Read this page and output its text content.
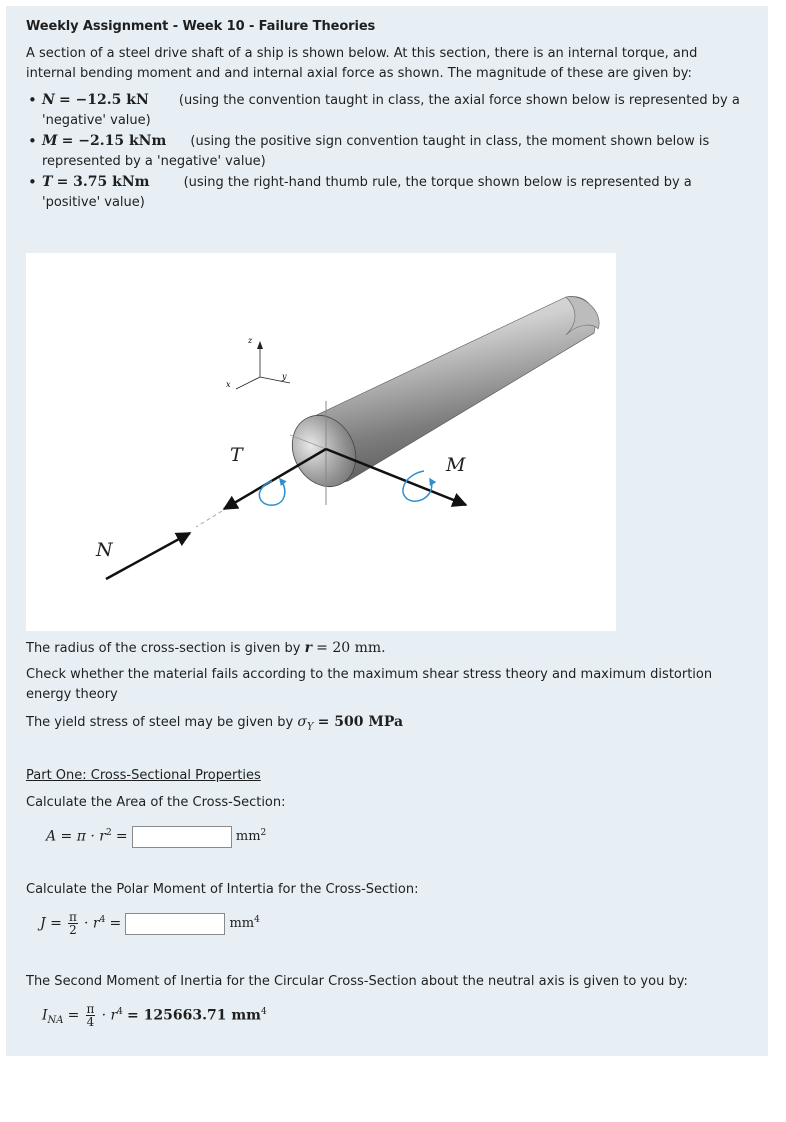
Weekly Assignment - Week 10 - Failure Theories
A section of a steel drive shaft of a ship is shown below. At this section, there is an internal torque, and internal bending moment and and internal axial force as shown. The magnitude of these are given by:
• N = −12.5 kN (using the convention taught in class, the axial force shown below is represented by a 'negative' value)
• M = −2.15 kNm (using the positive sign convention taught in class, the moment shown below is represented by a 'negative' value)
• T = 3.75 kNm	(using the right-hand thumb rule, the torque shown below is represented by a 'positive' value)
z
y
x
T	M
N
The radius of the cross-section is given by r = 20 mm.
Check whether the material fails according to the maximum shear stress theory and maximum distortion energy theory
The yield stress of steel may be given by $\sigma_Y = 500$ MPa
Part One: Cross-Sectional Properties
Calculate the Area of the Cross-Section:
$A = \pi \cdot r^2$ =	$mm^2$
Calculate the Polar Moment of Intertia for the Cross-Section:
$J = \frac{\pi}{2} \cdot r^4$ =	$mm^4$
The Second Moment of Inertia for the Circular Cross-Section about the neutral axis is given to you by:
$I_{NA} = \frac{\pi}{4} \cdot r^4 = 125663.71$ $mm^4$
